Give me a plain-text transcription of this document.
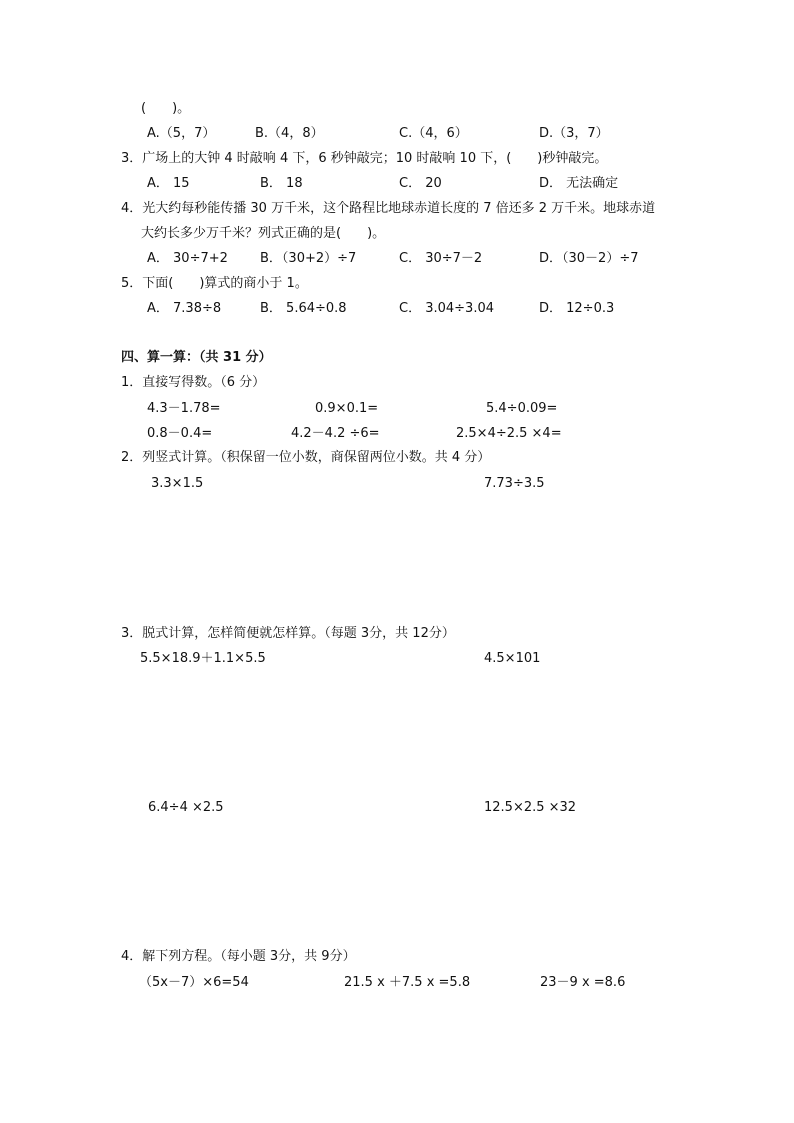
(　　)。
A.（5，7）	B.（4，8）	C.（4，6）	D.（3，7）
3．广场上的大钟 4 时敲响 4 下，6 秒钟敲完；10 时敲响 10 下，(　　)秒钟敲完。
A． 15	B． 18	C． 20	D． 无法确定
4．光大约每秒能传播 30 万千米，这个路程比地球赤道长度的 7 倍还多 2 万千米。地球赤道
大约长多少万千米？列式正确的是(　　)。
A． 30÷7+2 B．（30+2）÷7	C． 30÷7－2	D．（30－2）÷7
5．下面(　　)算式的商小于 1。
A． 7.38÷8	B． 5.64÷0.8	C． 3.04÷3.04	D． 12÷0.3
四、算一算：（共 31 分）
1．直接写得数。（6 分）
4.3－1.78=	0.9×0.1=	5.4÷0.09=
0.8－0.4=	4.2－4.2 ÷6=	2.5×4÷2.5 ×4=
2．列竖式计算。（积保留一位小数，商保留两位小数。共 4 分）
3.3×1.5	7.73÷3.5
3．脱式计算，怎样简便就怎样算。（每题 3分，共 12分）
5.5×18.9＋1.1×5.5	4.5×101
6.4÷4 ×2.5	12.5×2.5 ×32
4．解下列方程。（每小题 3分，共 9分）
（5x－7）×6=54	21.5 x ＋7.5 x =5.8	23－9 x =8.6
